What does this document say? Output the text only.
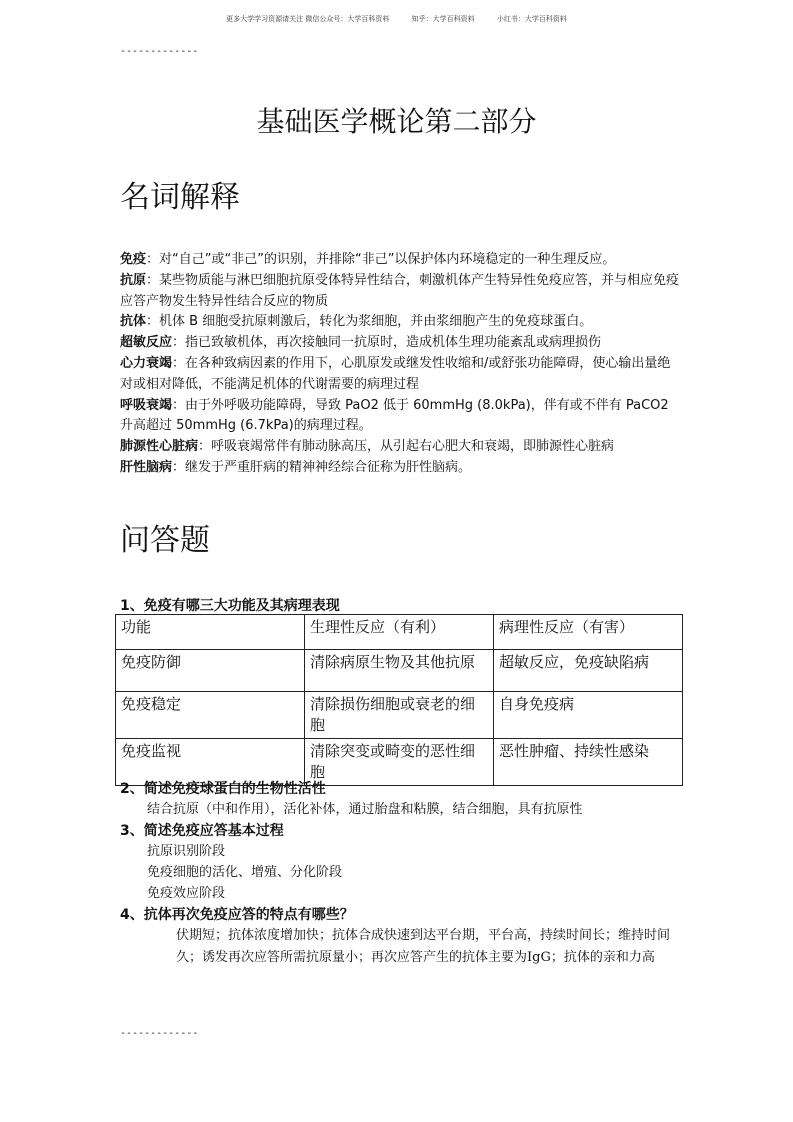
更多大学学习资源请关注 微信公众号：大学百科资料	知乎：大学百科资料	小红书：大学百科资料
-------------
基础医学概论第二部分
名词解释

免疫：对“自己”或“非己”的识别，并排除“非己”以保护体内环境稳定的一种生理反应。

抗原：某些物质能与淋巴细胞抗原受体特异性结合，刺激机体产生特异性免疫应答，并与相应免疫应答产物发生特异性结合反应的物质

抗体：机体 B 细胞受抗原刺激后，转化为浆细胞，并由浆细胞产生的免疫球蛋白。

超敏反应：指已致敏机体，再次接触同一抗原时，造成机体生理功能紊乱或病理损伤

心力衰竭：在各种致病因素的作用下，心肌原发或继发性收缩和/或舒张功能障碍，使心输出量绝对或相对降低，不能满足机体的代谢需要的病理过程

呼吸衰竭：由于外呼吸功能障碍，导致 PaO2 低于 60mmHg (8.0kPa)，伴有或不伴有 PaCO2 升高超过 50mmHg (6.7kPa)的病理过程。

肺源性心脏病：呼吸衰竭常伴有肺动脉高压，从引起右心肥大和衰竭，即肺源性心脏病

肝性脑病：继发于严重肝病的精神神经综合征称为肝性脑病。

问答题
1、免疫有哪三大功能及其病理表现
功能	生理性反应（有利）	病理性反应（有害）
免疫防御	清除病原生物及其他抗原	超敏反应，免疫缺陷病
免疫稳定	清除损伤细胞或衰老的细胞	自身免疫病
免疫监视	清除突变或畸变的恶性细胞	恶性肿瘤、持续性感染
2、简述免疫球蛋白的生物性活性
结合抗原（中和作用），活化补体，通过胎盘和粘膜，结合细胞，具有抗原性
3、简述免疫应答基本过程
抗原识别阶段
免疫细胞的活化、增殖、分化阶段
免疫效应阶段
4、抗体再次免疫应答的特点有哪些？
伏期短；抗体浓度增加快；抗体合成快速到达平台期，平台高，持续时间长；维持时间久；诱发再次应答所需抗原量小；再次应答产生的抗体主要为IgG；抗体的亲和力高
-------------
